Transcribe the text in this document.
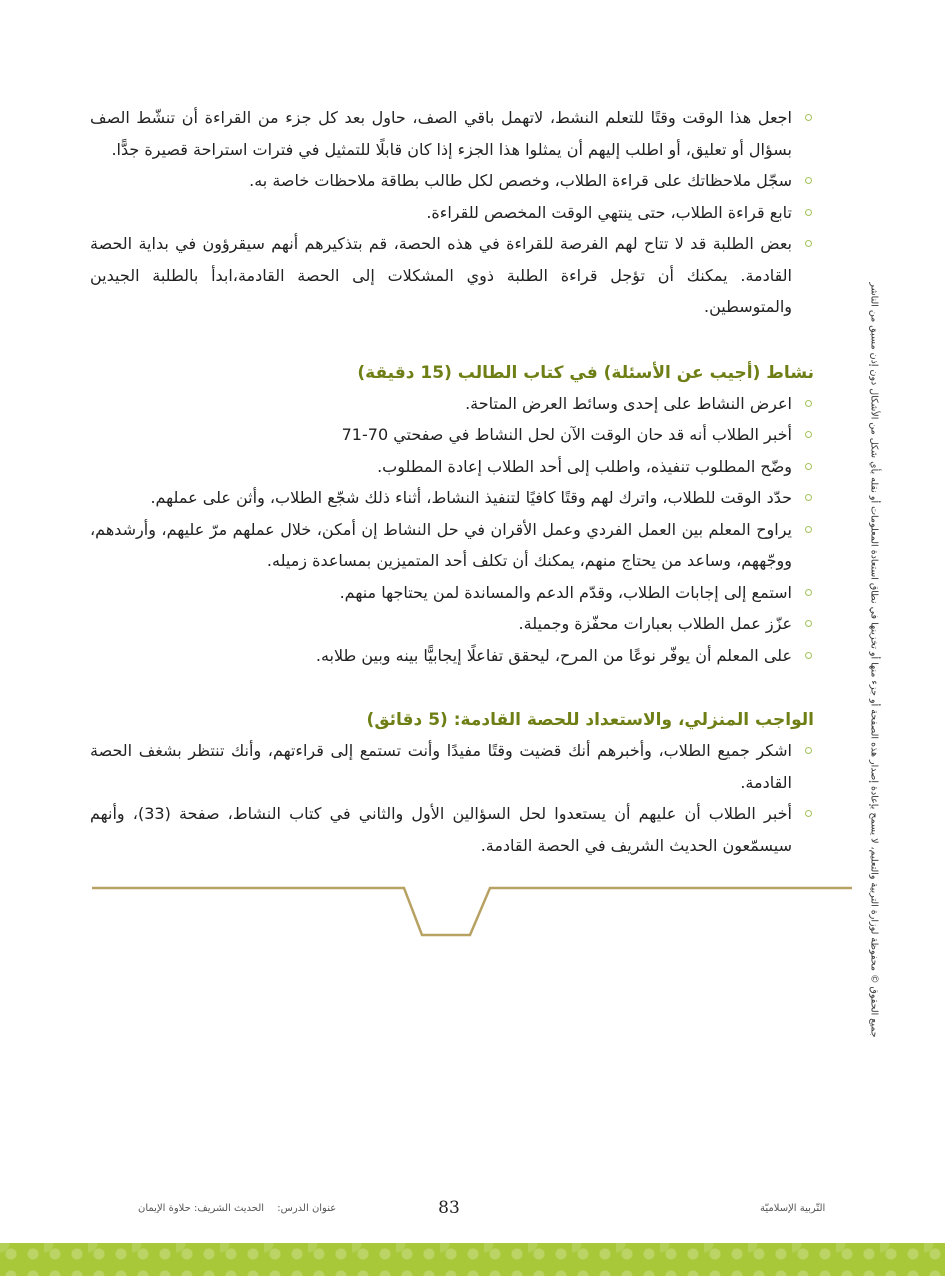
اجعل هذا الوقت وقتًا للتعلم النشط، لاتهمل باقي الصف، حاول بعد كل جزء من القراءة أن تنشّط الصف بسؤال أو تعليق، أو اطلب إليهم أن يمثلوا هذا الجزء إذا كان قابلًا للتمثيل في فترات استراحة قصيرة جدًّا.
سجّل ملاحظاتك على قراءة الطلاب، وخصص لكل طالب بطاقة ملاحظات خاصة به.
تابع قراءة الطلاب، حتى ينتهي الوقت المخصص للقراءة.
بعض الطلبة قد لا تتاح لهم الفرصة للقراءة في هذه الحصة، قم بتذكيرهم أنهم سيقرؤون في بداية الحصة القادمة. يمكنك أن تؤجل قراءة الطلبة ذوي المشكلات إلى الحصة القادمة،ابدأ بالطلبة الجيدين والمتوسطين.
نشاط (أجيب عن الأسئلة) في كتاب الطالب (15 دقيقة)
اعرض النشاط على إحدى وسائط العرض المتاحة.
أخبر الطلاب أنه قد حان الوقت الآن لحل النشاط في صفحتي 70-71
وضّح المطلوب تنفيذه، واطلب إلى أحد الطلاب إعادة المطلوب.
حدّد الوقت للطلاب، واترك لهم وقتًا كافيًا لتنفيذ النشاط، أثناء ذلك شجّع الطلاب، وأثن على عملهم.
يراوح المعلم بين العمل الفردي وعمل الأقران في حل النشاط إن أمكن، خلال عملهم مرّ عليهم، وأرشدهم، ووجّههم، وساعد من يحتاج منهم، يمكنك أن تكلف أحد المتميزين بمساعدة زميله.
استمع إلى إجابات الطلاب، وقدّم الدعم والمساندة لمن يحتاجها منهم.
عزّز عمل الطلاب بعبارات محفّزة وجميلة.
على المعلم أن يوفّر نوعًا من المرح، ليحقق تفاعلًا إيجابيًّا بينه وبين طلابه.
الواجب المنزلي، والاستعداد للحصة القادمة: (5 دقائق)
اشكر جميع الطلاب، وأخبرهم أنك قضيت وقتًا مفيدًا وأنت تستمع إلى قراءتهم، وأنك تنتظر بشغف الحصة القادمة.
أخبر الطلاب أن عليهم أن يستعدوا لحل السؤالين الأول والثاني في كتاب النشاط، صفحة (33)، وأنهم سيسمّعون الحديث الشريف في الحصة القادمة.	جميع الحقوق © محفوظة لوزارة التربية والتعليم، لا يسمح بإعادة إصدار هذه الصفحة أو جزء منها أو تخزينها في نطاق استعادة المعلومات أو نقله بأي شكل من الأشكال دون إذن مسبق من الناشر
83
عنوان الدرس: الحديث الشريف: حلاوة الإيمان	التّربية الإسلاميّة
